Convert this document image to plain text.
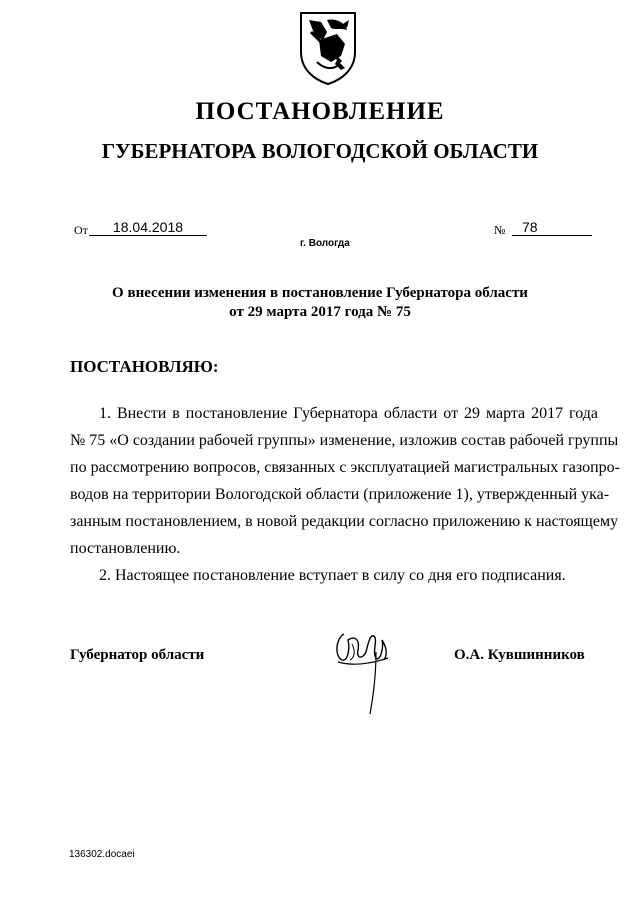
ПОСТАНОВЛЕНИЕ
ГУБЕРНАТОРА ВОЛОГОДСКОЙ ОБЛАСТИ
От	18.04.2018	№	78
г. Вологда
О внесении изменения в постановление Губернатора области
от 29 марта 2017 года № 75
ПОСТАНОВЛЯЮ:
1. Внести в постановление Губернатора области от 29 марта 2017 года
№ 75 «О создании рабочей группы» изменение, изложив состав рабочей группы
по рассмотрению вопросов, связанных с эксплуатацией магистральных газопро-
водов на территории Вологодской области (приложение 1), утвержденный ука-
занным постановлением, в новой редакции согласно приложению к настоящему
постановлению.
2. Настоящее постановление вступает в силу со дня его подписания.
Губернатор области	О.А. Кувшинников
136302.docaei
